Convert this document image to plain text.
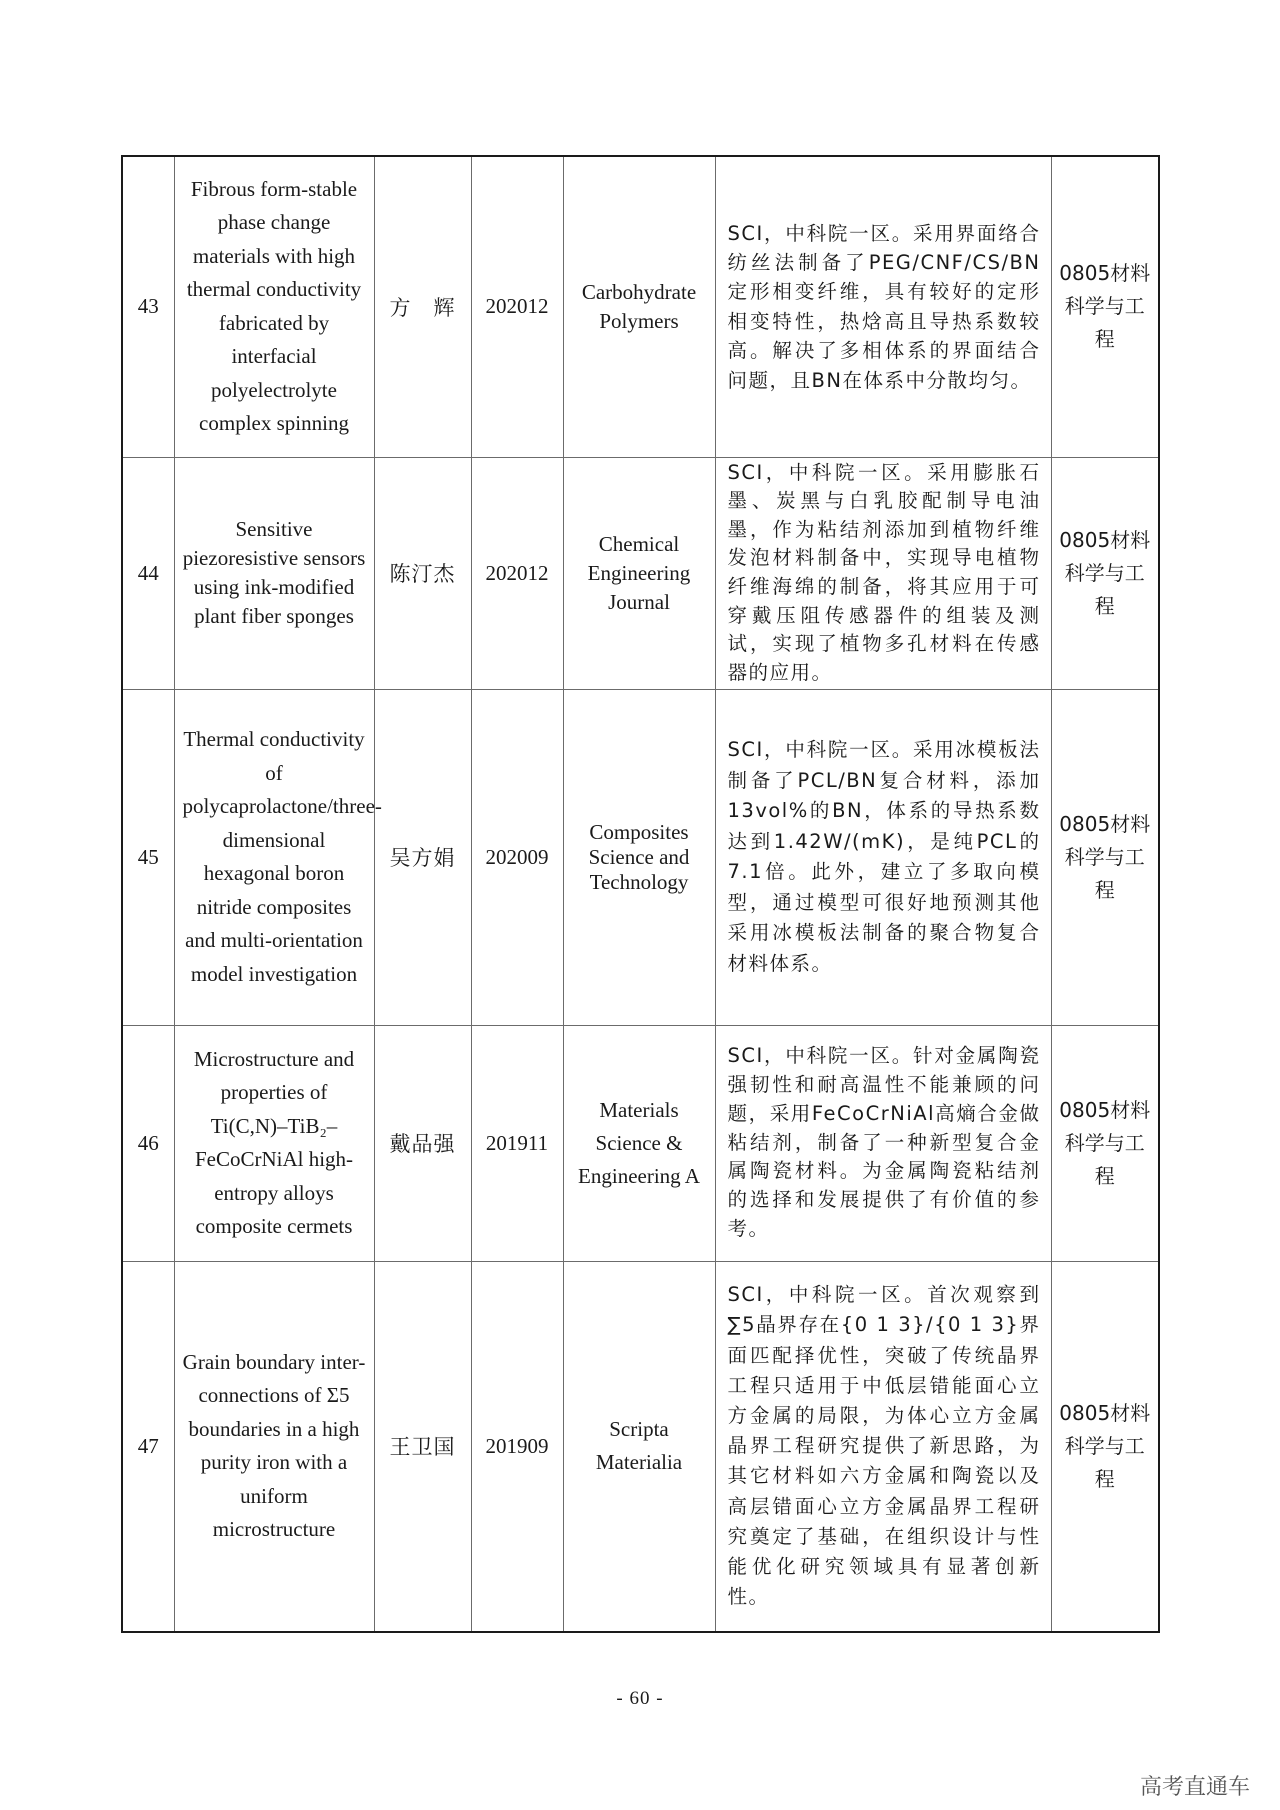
43	Fibrous form-stable phase change materials with high thermal conductivity fabricated by interfacial polyelectrolyte complex spinning	方　辉	202012	Carbohydrate Polymers	SCI，中科院一区。采用界面络合纺丝法制备了PEG/CNF/CS/BN定形相变纤维，具有较好的定形相变特性，热焓高且导热系数较高。解决了多相体系的界面结合问题，且BN在体系中分散均匀。	0805材料科学与工程

44	Sensitive piezoresistive sensors using ink-modified plant fiber sponges	陈汀杰	202012	Chemical Engineering Journal	SCI，中科院一区。采用膨胀石墨、炭黑与白乳胶配制导电油墨，作为粘结剂添加到植物纤维发泡材料制备中，实现导电植物纤维海绵的制备，将其应用于可穿戴压阻传感器件的组装及测试，实现了植物多孔材料在传感器的应用。	0805材料科学与工程

45	Thermal conductivity of polycaprolactone/three-dimensional hexagonal boron nitride composites and multi-orientation model investigation	吴方娟	202009	Composites Science and Technology	SCI，中科院一区。采用冰模板法制备了PCL/BN复合材料，添加13vol%的BN，体系的导热系数达到1.42W/(mK)，是纯PCL的7.1倍。此外，建立了多取向模型，通过模型可很好地预测其他采用冰模板法制备的聚合物复合材料体系。	0805材料科学与工程

46	Microstructure and properties of Ti(C,N)–TiB₂–FeCoCrNiAl high-entropy alloys composite cermets	戴品强	201911	Materials Science & Engineering A	SCI，中科院一区。针对金属陶瓷强韧性和耐高温性不能兼顾的问题，采用FeCoCrNiAl高熵合金做粘结剂，制备了一种新型复合金属陶瓷材料。为金属陶瓷粘结剂的选择和发展提供了有价值的参考。	0805材料科学与工程

47	Grain boundary inter-connections of Σ5 boundaries in a high purity iron with a uniform microstructure	王卫国	201909	Scripta Materialia	SCI，中科院一区。首次观察到∑5晶界存在{0 1 3}/{0 1 3}界面匹配择优性，突破了传统晶界工程只适用于中低层错能面心立方金属的局限，为体心立方金属晶界工程研究提供了新思路，为其它材料如六方金属和陶瓷以及高层错面心立方金属晶界工程研究奠定了基础，在组织设计与性能优化研究领域具有显著创新性。	0805材料科学与工程
- 60 -
高考直通车
